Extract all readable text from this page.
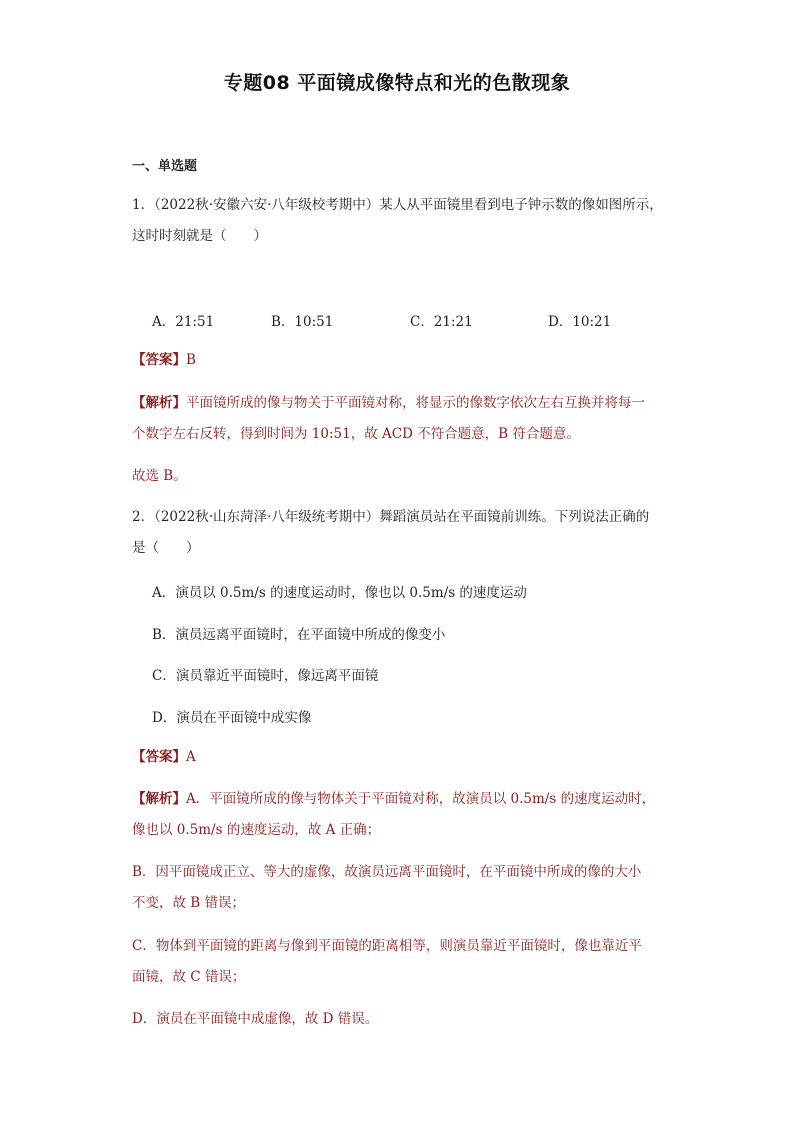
专题08 平面镜成像特点和光的色散现象
一、单选题
1．（2022秋·安徽六安·八年级校考期中）某人从平面镜里看到电子钟示数的像如图所示，
这时时刻就是（　　）
A．21:51	B．10:51	C．21:21	D．10:21
【答案】B
【解析】平面镜所成的像与物关于平面镜对称，将显示的像数字依次左右互换并将每一
个数字左右反转，得到时间为 10:51，故 ACD 不符合题意，B 符合题意。
故选 B。
2．（2022秋·山东菏泽·八年级统考期中）舞蹈演员站在平面镜前训练。下列说法正确的
是（　　）
A．演员以 0.5m/s 的速度运动时，像也以 0.5m/s 的速度运动
B．演员远离平面镜时，在平面镜中所成的像变小
C．演员靠近平面镜时，像远离平面镜
D．演员在平面镜中成实像
【答案】A
【解析】A．平面镜所成的像与物体关于平面镜对称，故演员以 0.5m/s 的速度运动时，
像也以 0.5m/s 的速度运动，故 A 正确；
B．因平面镜成正立、等大的虚像，故演员远离平面镜时，在平面镜中所成的像的大小
不变，故 B 错误；
C．物体到平面镜的距离与像到平面镜的距离相等，则演员靠近平面镜时，像也靠近平
面镜，故 C 错误；
D．演员在平面镜中成虚像，故 D 错误。
